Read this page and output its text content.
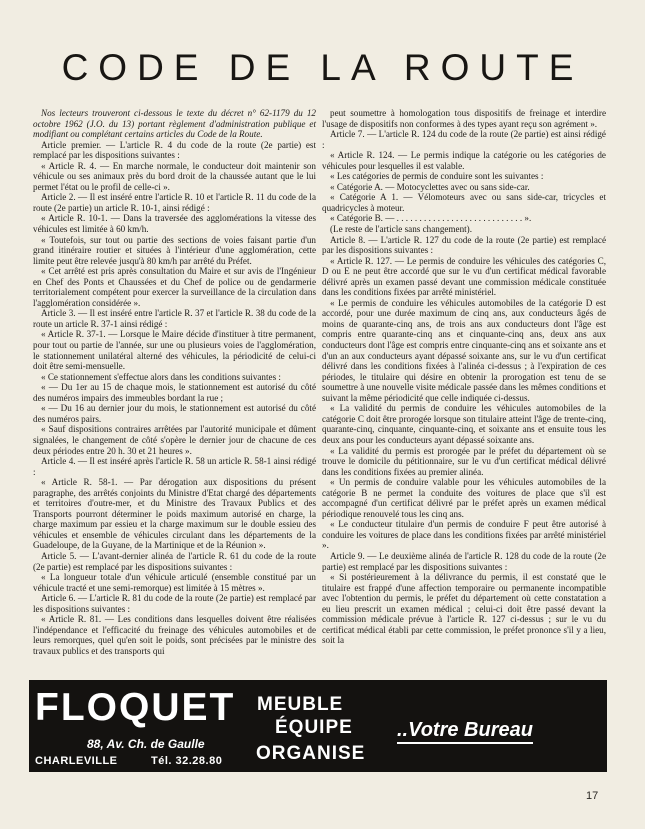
CODE DE LA ROUTE

Nos lecteurs trouveront ci-dessous le texte du décret n° 62-1179 du 12 octobre 1962 (J.O. du 13) portant règlement d'administration publique et modifiant ou complétant certains articles du Code de la Route.

Article premier. — L'article R. 4 du code de la route (2e partie) est remplacé par les dispositions suivantes :

« Article R. 4. — En marche normale, le conducteur doit maintenir son véhicule ou ses animaux près du bord droit de la chaussée autant que le lui permet l'état ou le profil de celle-ci ».

Article 2. — Il est inséré entre l'article R. 10 et l'article R. 11 du code de la route (2e partie) un article R. 10-1, ainsi rédigé :

« Article R. 10-1. — Dans la traversée des agglomérations la vitesse des véhicules est limitée à 60 km/h.

« Toutefois, sur tout ou partie des sections de voies faisant partie d'un grand itinéraire routier et situées à l'intérieur d'une agglomération, cette limite peut être relevée jusqu'à 80 km/h par arrêté du Préfet.

« Cet arrêté est pris après consultation du Maire et sur avis de l'Ingénieur en Chef des Ponts et Chaussées et du Chef de police ou de gendarmerie territorialement compétent pour exercer la surveillance de la circulation dans l'agglomération considérée ».

Article 3. — Il est inséré entre l'article R. 37 et l'article R. 38 du code de la route un article R. 37-1 ainsi rédigé :

« Article R. 37-1. — Lorsque le Maire décide d'instituer à titre permanent, pour tout ou partie de l'année, sur une ou plusieurs voies de l'agglomération, le stationnement unilatéral alterné des véhicules, la périodicité de celui-ci doit être semi-mensuelle.

« Ce stationnement s'effectue alors dans les conditions suivantes :

« — Du 1er au 15 de chaque mois, le stationnement est autorisé du côté des numéros impairs des immeubles bordant la rue ;

« — Du 16 au dernier jour du mois, le stationnement est autorisé du côté des numéros pairs.

« Sauf dispositions contraires arrêtées par l'autorité municipale et dûment signalées, le changement de côté s'opère le dernier jour de chacune de ces deux périodes entre 20 h. 30 et 21 heures ».

Article 4. — Il est inséré après l'article R. 58 un article R. 58-1 ainsi rédigé :

« Article R. 58-1. — Par dérogation aux dispositions du présent paragraphe, des arrêtés conjoints du Ministre d'Etat chargé des départements et territoires d'outre-mer, et du Ministre des Travaux Publics et des Transports pourront déterminer le poids maximum autorisé en charge, la charge maximum par essieu et la charge maximum sur le double essieu des véhicules et ensemble de véhicules circulant dans les départements de la Guadeloupe, de la Guyane, de la Martinique et de la Réunion ».

Article 5. — L'avant-dernier alinéa de l'article R. 61 du code de la route (2e partie) est remplacé par les dispositions suivantes :

« La longueur totale d'un véhicule articulé (ensemble constitué par un véhicule tracté et une semi-remorque) est limitée à 15 mètres ».

Article 6. — L'article R. 81 du code de la route (2e partie) est remplacé par les dispositions suivantes :

« Article R. 81. — Les conditions dans lesquelles doivent être réalisées l'indépendance et l'efficacité du freinage des véhicules automobiles et de leurs remorques, quel qu'en soit le poids, sont précisées par le ministre des travaux publics et des transports qui

peut soumettre à homologation tous dispositifs de freinage et interdire l'usage de dispositifs non conformes à des types ayant reçu son agrément ».

Article 7. — L'article R. 124 du code de la route (2e partie) est ainsi rédigé :

« Article R. 124. — Le permis indique la catégorie ou les catégories de véhicules pour lesquelles il est valable.

« Les catégories de permis de conduire sont les suivantes :

« Catégorie A. — Motocyclettes avec ou sans side-car.

« Catégorie A 1. — Vélomoteurs avec ou sans side-car, tricycles et quadricycles à moteur.

« Catégorie B. — . . . . . . . . . . . . . . . . . . . . . . . . . . . . ».

(Le reste de l'article sans changement).

Article 8. — L'article R. 127 du code de la route (2e partie) est remplacé par les dispositions suivantes :

« Article R. 127. — Le permis de conduire les véhicules des catégories C, D ou E ne peut être accordé que sur le vu d'un certificat médical favorable délivré après un examen passé devant une commission médicale constituée dans les conditions fixées par arrêté ministériel.

« Le permis de conduire les véhicules automobiles de la catégorie D est accordé, pour une durée maximum de cinq ans, aux conducteurs âgés de moins de quarante-cinq ans, de trois ans aux conducteurs dont l'âge est compris entre quarante-cinq ans et cinquante-cinq ans, deux ans aux conducteurs dont l'âge est compris entre cinquante-cinq ans et soixante ans et d'un an aux conducteurs ayant dépassé soixante ans, sur le vu d'un certificat délivré dans les conditions fixées à l'alinéa ci-dessus ; à l'expiration de ces périodes, le titulaire qui désire en obtenir la prorogation est tenu de se soumettre à une nouvelle visite médicale passée dans les mêmes conditions et suivant la même périodicité que celle indiquée ci-dessus.

« La validité du permis de conduire les véhicules automobiles de la catégorie C doit être prorogée lorsque son titulaire atteint l'âge de trente-cinq, quarante-cinq, cinquante, cinquante-cinq, et soixante ans et ensuite tous les deux ans pour les conducteurs ayant dépassé soixante ans.

« La validité du permis est prorogée par le préfet du département où se trouve le domicile du pétitionnaire, sur le vu d'un certificat médical délivré dans les conditions fixées au premier alinéa.

« Un permis de conduire valable pour les véhicules automobiles de la catégorie B ne permet la conduite des voitures de place que s'il est accompagné d'un certificat délivré par le préfet après un examen médical périodique renouvelé tous les cinq ans.

« Le conducteur titulaire d'un permis de conduire F peut être autorisé à conduire les voitures de place dans les conditions fixées par arrêté ministériel ».

Article 9. — Le deuxième alinéa de l'article R. 128 du code de la route (2e partie) est remplacé par les dispositions suivantes :

« Si postérieurement à la délivrance du permis, il est constaté que le titulaire est frappé d'une affection temporaire ou permanente incompatible avec l'obtention du permis, le préfet du département où cette constatation a eu lieu prescrit un examen médical ; celui-ci doit être passé devant la commission médicale prévue à l'article R. 127 ci-dessus ; sur le vu du certificat médical établi par cette commission, le préfet prononce s'il y a lieu, soit la

FLOQUET MEUBLE
ÉQUIPE
ORGANISE
..Votre Bureau
88, Av. Ch. de Gaulle
CHARLEVILLE	Tél. 32.28.80
17
